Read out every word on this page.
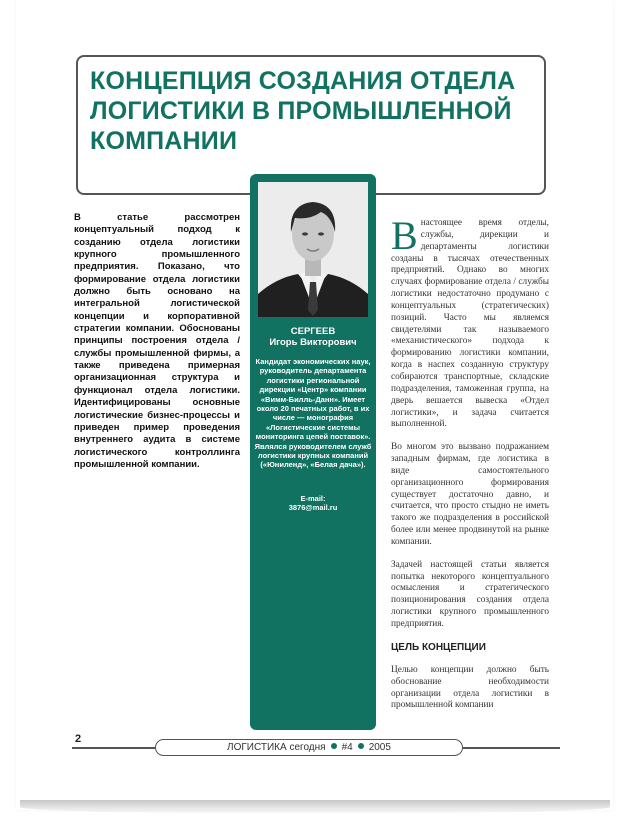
КОНЦЕПЦИЯ СОЗДАНИЯ ОТДЕЛА ЛОГИСТИКИ В ПРОМЫШЛЕННОЙ КОМПАНИИ

В статье рассмотрен концептуальный подход к созданию отдела логистики крупного промышленного предприятия. Показано, что формирование отдела логистики должно быть основано на интегральной логистической концепции и корпоративной стратегии компании. Обоснованы принципы построения отдела / службы промышленной фирмы, а также приведена примерная организационная структура и функционал отдела логистики. Идентифицированы основные логистические бизнес-процессы и приведен пример проведения внутреннего аудита в системе логистического контроллинга промышленной компании.

СЕРГЕЕВ
Игорь Викторович

Кандидат экономических наук, руководитель департамента логистики региональной дирекции «Центр» компании «Вимм-Билль-Данн». Имеет около 20 печатных работ, в их числе — монография «Логистические системы мониторинга цепей поставок». Являлся руководителем служб логистики крупных компаний («Юниленд», «Белая дача»).

E-mail:
3876@mail.ru

Внастоящее время отделы, службы, дирекции и департаменты логистики созданы в тысячах отечественных предприятий. Однако во многих случаях формирование отдела / службы логистики недостаточно продумано с концептуальных (стратегических) позиций. Часто мы являемся свидетелями так называемого «механистического» подхода к формированию логистики компании, когда в наспех созданную структуру собираются транспортные, складские подразделения, таможенная группа, на дверь вешается вывеска «Отдел логистики», и задача считается выполненной.

Во многом это вызвано подражанием западным фирмам, где логистика в виде самостоятельного организационного формирования существует достаточно давно, и считается, что просто стыдно не иметь такого же подразделения в российской более или менее продвинутой на рынке компании.

Задачей настоящей статьи является попытка некоторого концептуального осмысления и стратегического позиционирования создания отдела логистики крупного промышленного предприятия.

ЦЕЛЬ КОНЦЕПЦИИ

Целью концепции должно быть обоснование необходимости организации отдела логистики в промышленной компании

ЛОГИСТИКА сегодня #4 2005

2
